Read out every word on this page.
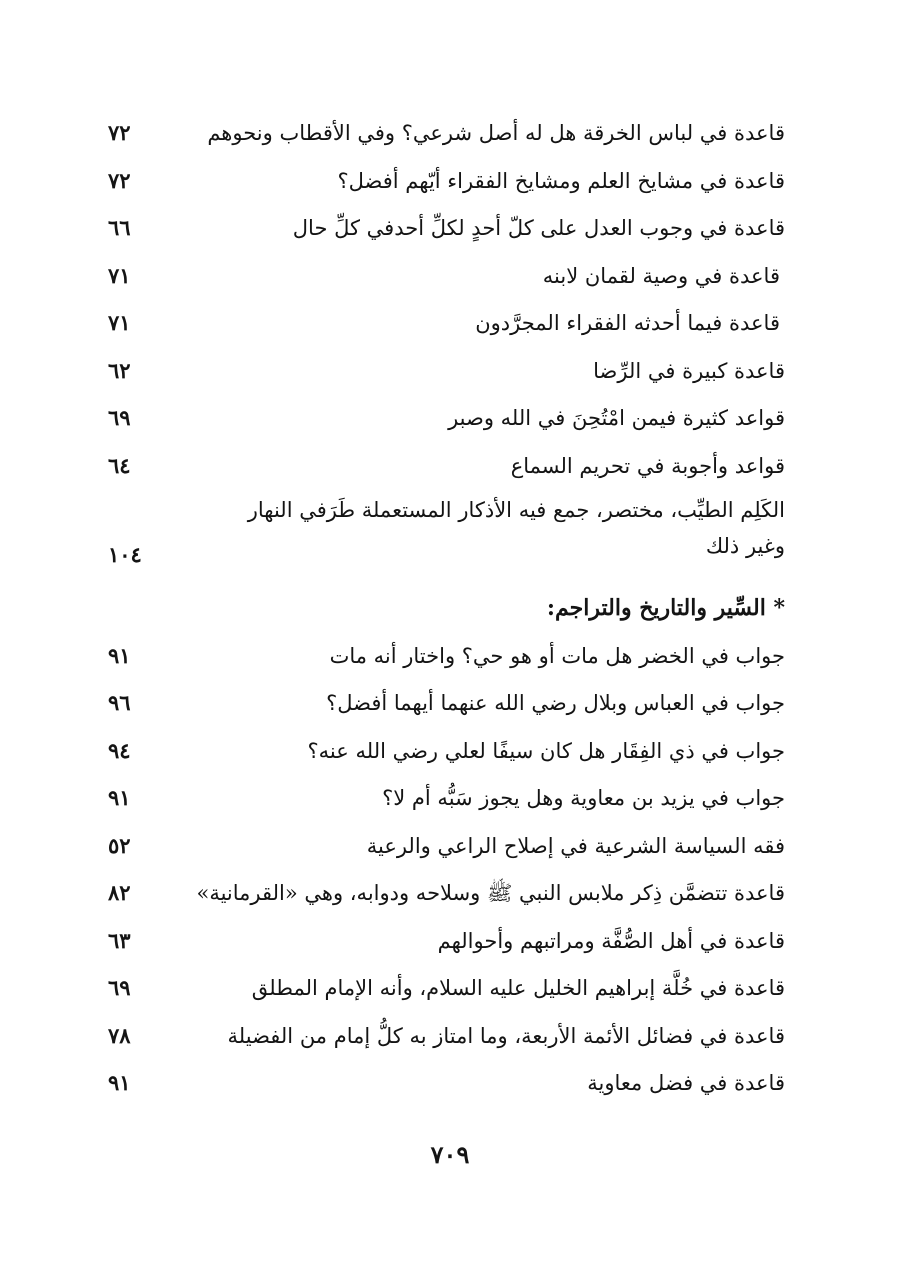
قاعدة في لباس الخرقة هل له أصل شرعي؟ وفي الأقطاب ونحوهم
٧٢
قاعدة في مشايخ العلم ومشايخ الفقراء أيّهم أفضل؟
٧٢
قاعدة في وجوب العدل على كلّ أحدٍ لكلِّ أحدفي كلِّ حال
٦٦
قاعدة في وصية لقمان لابنه
٧١
قاعدة فيما أحدثه الفقراء المجرَّدون
٧١
قاعدة كبيرة في الرِّضا
٦٢
قواعد كثيرة فيمن امْتُحِنَ في الله وصبر
٦٩
قواعد وأجوبة في تحريم السماع
٦٤
الكَلِم الطيِّب، مختصر، جمع فيه الأذكار المستعملة طَرَفي النهار وغير ذلك
١٠٤
* السِّير والتاريخ والتراجم:
جواب في الخضر هل مات أو هو حي؟ واختار أنه مات
٩١
جواب في العباس وبلال رضي الله عنهما أيهما أفضل؟
٩٦
جواب في ذي الفِقَار هل كان سيفًا لعلي رضي الله عنه؟
٩٤
جواب في يزيد بن معاوية وهل يجوز سَبُّه أم لا؟
٩١
فقه السياسة الشرعية في إصلاح الراعي والرعية
٥٢
قاعدة تتضمَّن ذِكر ملابس النبي ﷺ وسلاحه ودوابه، وهي «القرمانية»
٨٢
قاعدة في أهل الصُّفَّة ومراتبهم وأحوالهم
٦٣
قاعدة في خُلَّة إبراهيم الخليل عليه السلام، وأنه الإمام المطلق
٦٩
قاعدة في فضائل الأئمة الأربعة، وما امتاز به كلُّ إمام من الفضيلة
٧٨
قاعدة في فضل معاوية
٩١
٧٠٩
